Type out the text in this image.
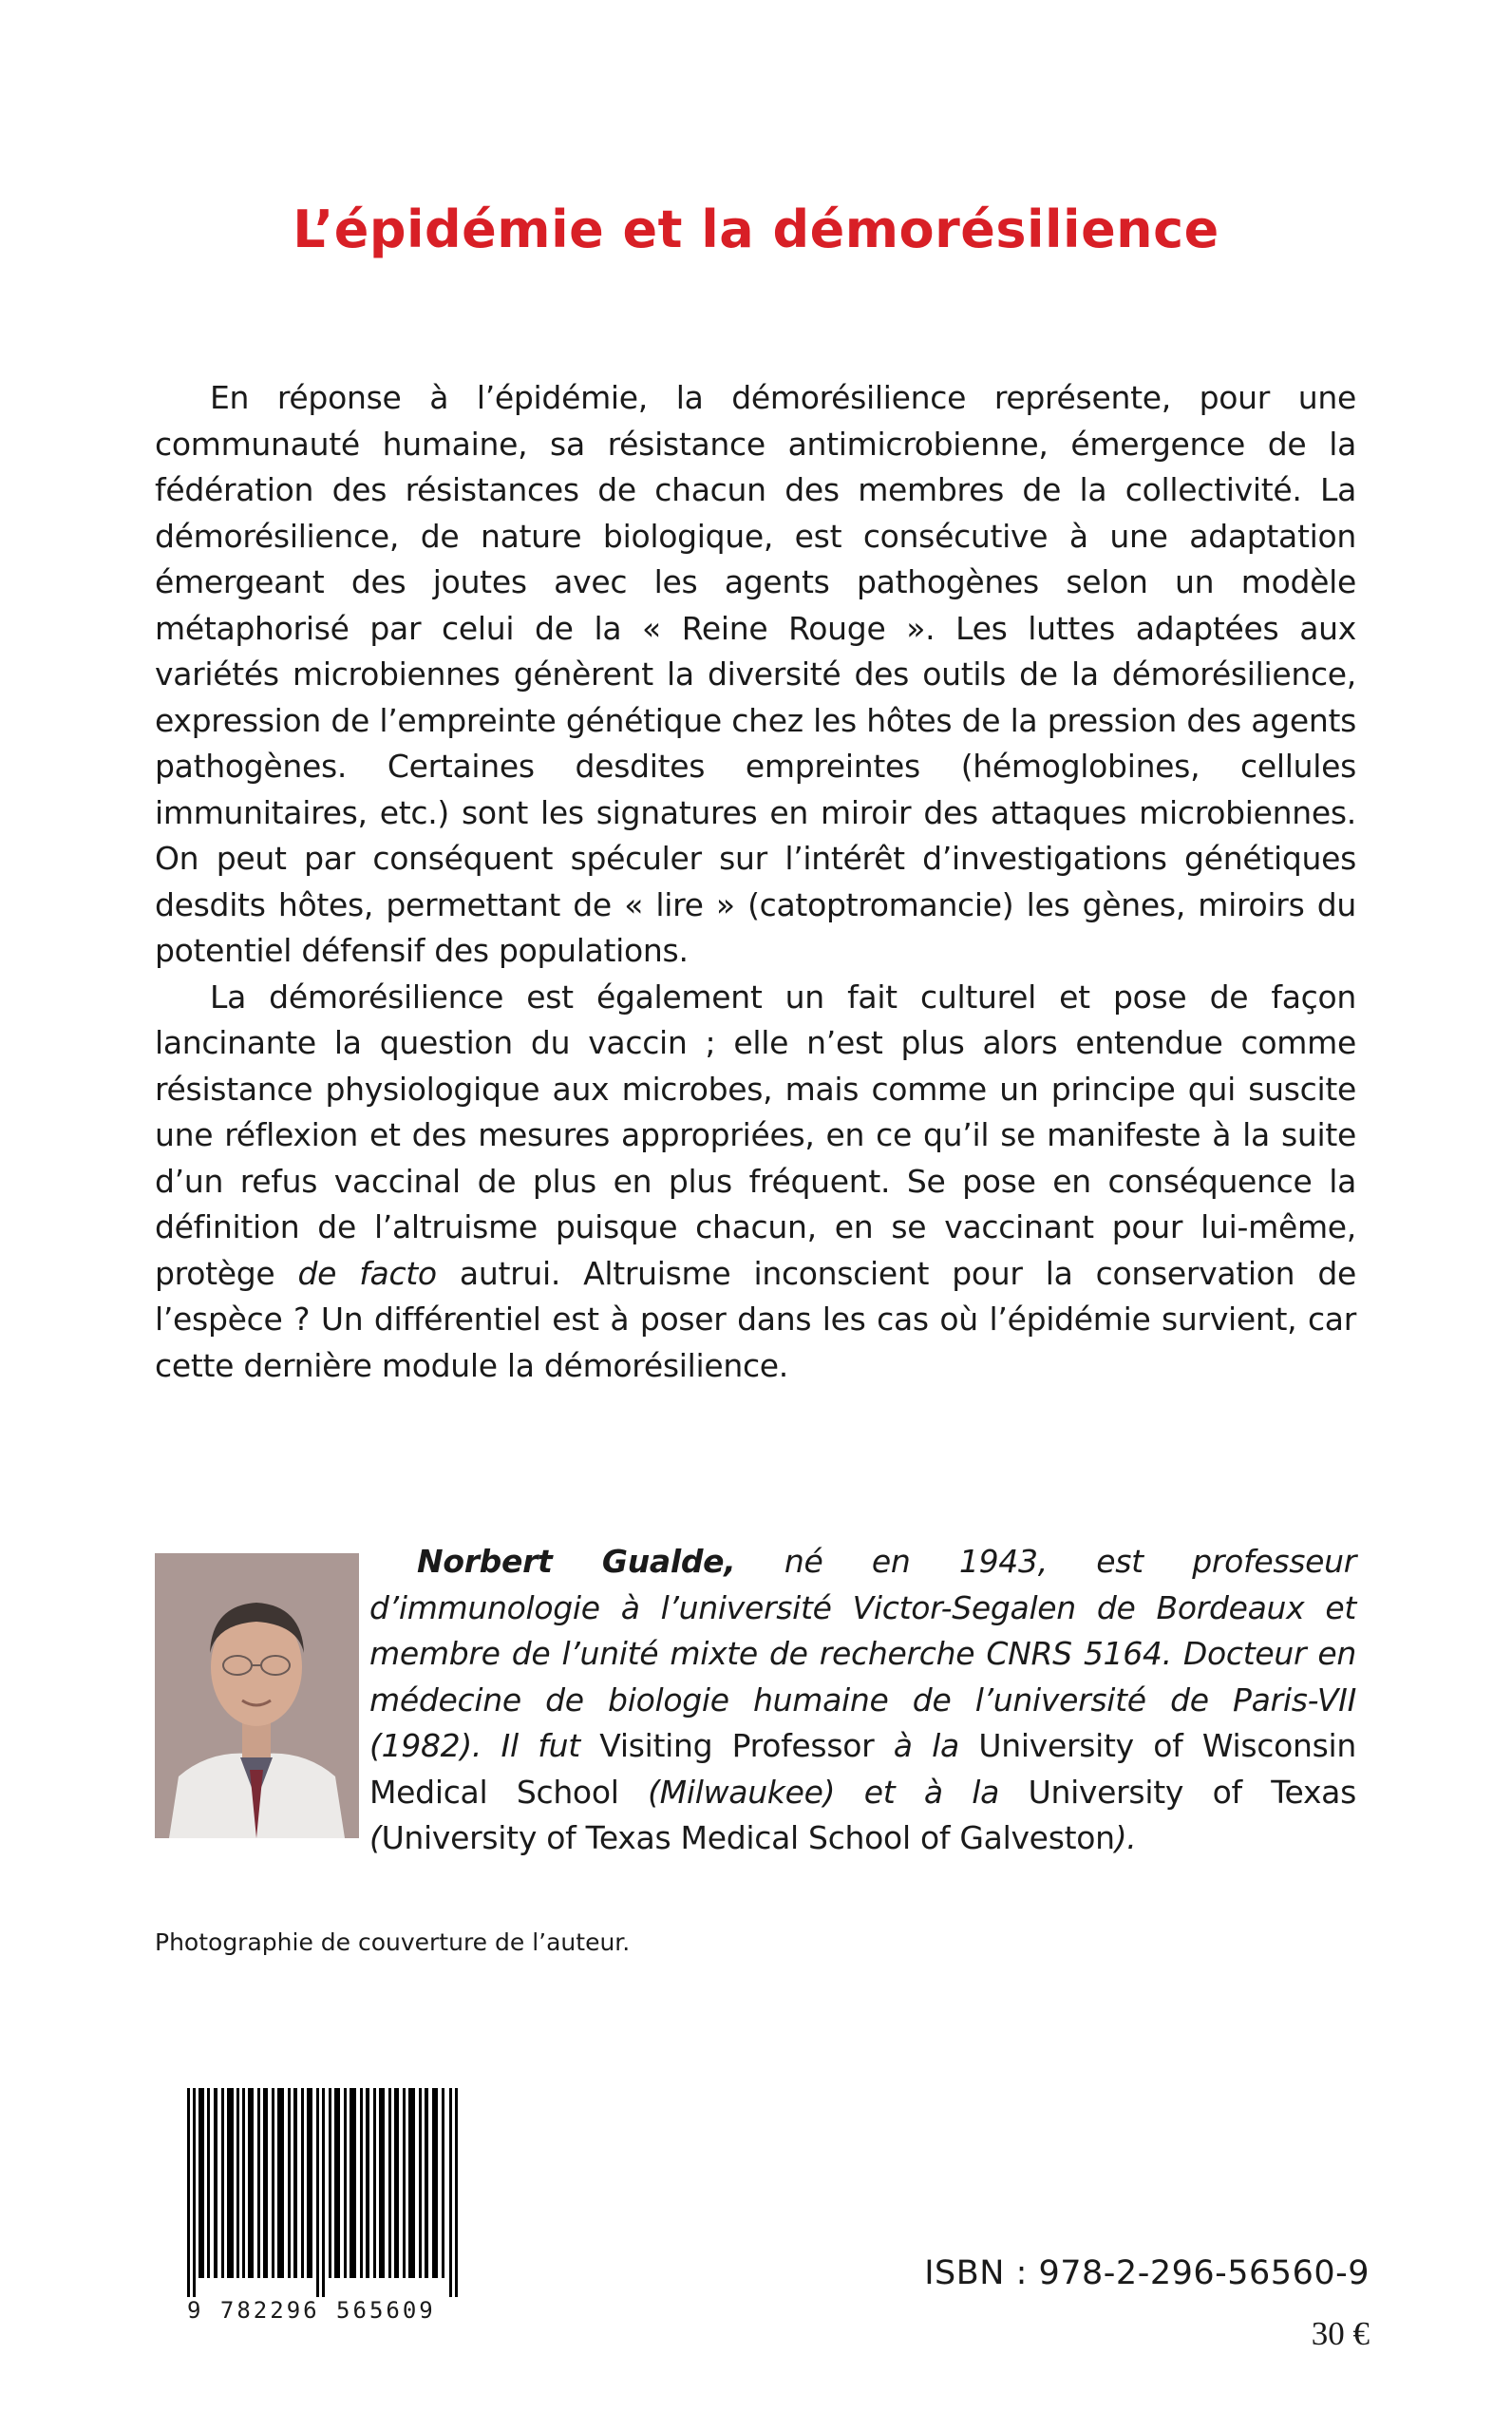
L’épidémie et la démorésilience

En réponse à l’épidémie, la démorésilience représente, pour une communauté humaine, sa résistance antimicrobienne, émergence de la fédération des résistances de chacun des membres de la collectivité. La démorésilience, de nature biologique, est consécutive à une adaptation émergeant des joutes avec les agents pathogènes selon un modèle métaphorisé par celui de la « Reine Rouge ». Les luttes adaptées aux variétés microbiennes génèrent la diversité des outils de la démorésilience, expression de l’empreinte génétique chez les hôtes de la pression des agents pathogènes. Certaines desdites empreintes (hémoglobines, cellules immunitaires, etc.) sont les signatures en miroir des attaques microbiennes. On peut par conséquent spéculer sur l’intérêt d’investigations génétiques desdits hôtes, permettant de « lire » (catoptromancie) les gènes, miroirs du potentiel défensif des populations.

La démorésilience est également un fait culturel et pose de façon lancinante la question du vaccin ; elle n’est plus alors entendue comme résistance physiologique aux microbes, mais comme un principe qui suscite une réflexion et des mesures appropriées, en ce qu’il se manifeste à la suite d’un refus vaccinal de plus en plus fréquent. Se pose en conséquence la définition de l’altruisme puisque chacun, en se vaccinant pour lui-même, protège de facto autrui. Altruisme inconscient pour la conservation de l’espèce ? Un différentiel est à poser dans les cas où l’épidémie survient, car cette dernière module la démorésilience.

Norbert Gualde, né en 1943, est professeur d’immunologie à l’université Victor-Segalen de Bordeaux et membre de l’unité mixte de recherche CNRS 5164. Docteur en médecine de biologie humaine de l’université de Paris-VII (1982). Il fut Visiting Professor à la University of Wisconsin Medical School (Milwaukee) et à la University of Texas (University of Texas Medical School of Galveston).
Photographie de couverture de l’auteur.
9 782296 565609
ISBN : 978-2-296-56560-9
30 €
